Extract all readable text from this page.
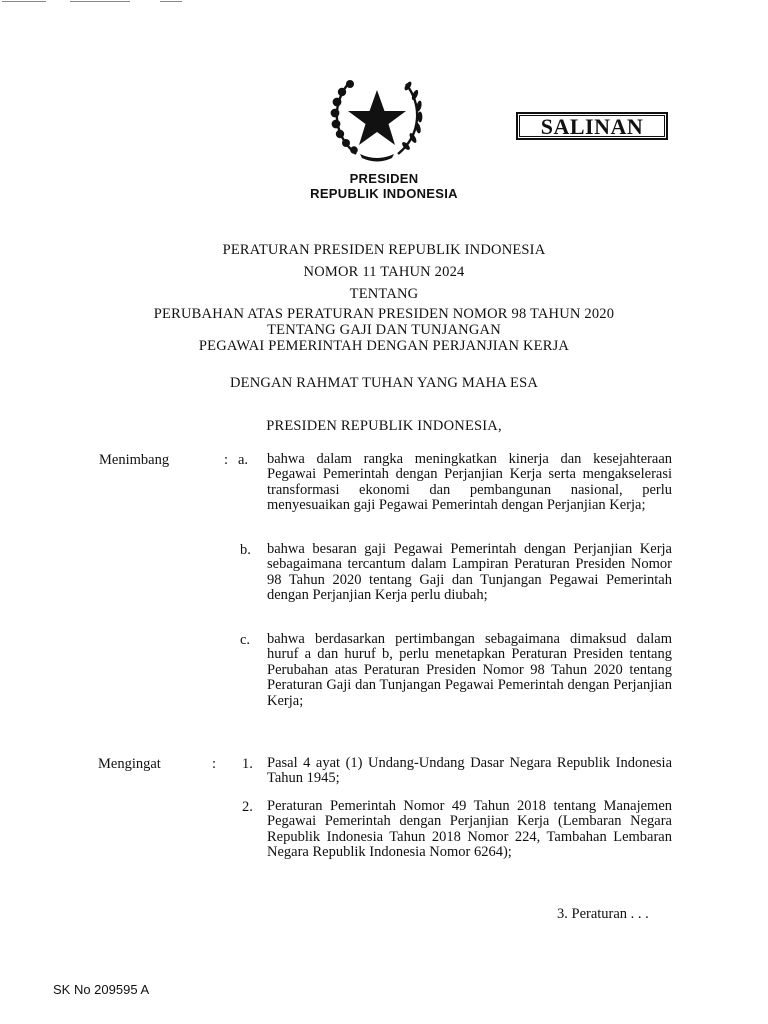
PRESIDEN
REPUBLIK INDONESIA
SALINAN
PERATURAN PRESIDEN REPUBLIK INDONESIA
NOMOR 11 TAHUN 2024
TENTANG
PERUBAHAN ATAS PERATURAN PRESIDEN NOMOR 98 TAHUN 2020
TENTANG GAJI DAN TUNJANGAN
PEGAWAI PEMERINTAH DENGAN PERJANJIAN KERJA
DENGAN RAHMAT TUHAN YANG MAHA ESA
PRESIDEN REPUBLIK INDONESIA,
Menimbang	: a. bahwa dalam rangka meningkatkan kinerja dan kesejahteraan Pegawai Pemerintah dengan Perjanjian Kerja serta mengakselerasi transformasi ekonomi dan pembangunan nasional, perlu menyesuaikan gaji Pegawai Pemerintah dengan Perjanjian Kerja;
b. bahwa besaran gaji Pegawai Pemerintah dengan Perjanjian Kerja sebagaimana tercantum dalam Lampiran Peraturan Presiden Nomor 98 Tahun 2020 tentang Gaji dan Tunjangan Pegawai Pemerintah dengan Perjanjian Kerja perlu diubah;
c. bahwa berdasarkan pertimbangan sebagaimana dimaksud dalam huruf a dan huruf b, perlu menetapkan Peraturan Presiden tentang Perubahan atas Peraturan Presiden Nomor 98 Tahun 2020 tentang Peraturan Gaji dan Tunjangan Pegawai Pemerintah dengan Perjanjian Kerja;
Mengingat	: 1. Pasal 4 ayat (1) Undang-Undang Dasar Negara Republik Indonesia Tahun 1945;
2. Peraturan Pemerintah Nomor 49 Tahun 2018 tentang Manajemen Pegawai Pemerintah dengan Perjanjian Kerja (Lembaran Negara Republik Indonesia Tahun 2018 Nomor 224, Tambahan Lembaran Negara Republik Indonesia Nomor 6264);
3. Peraturan . . .
SK No 209595 A
